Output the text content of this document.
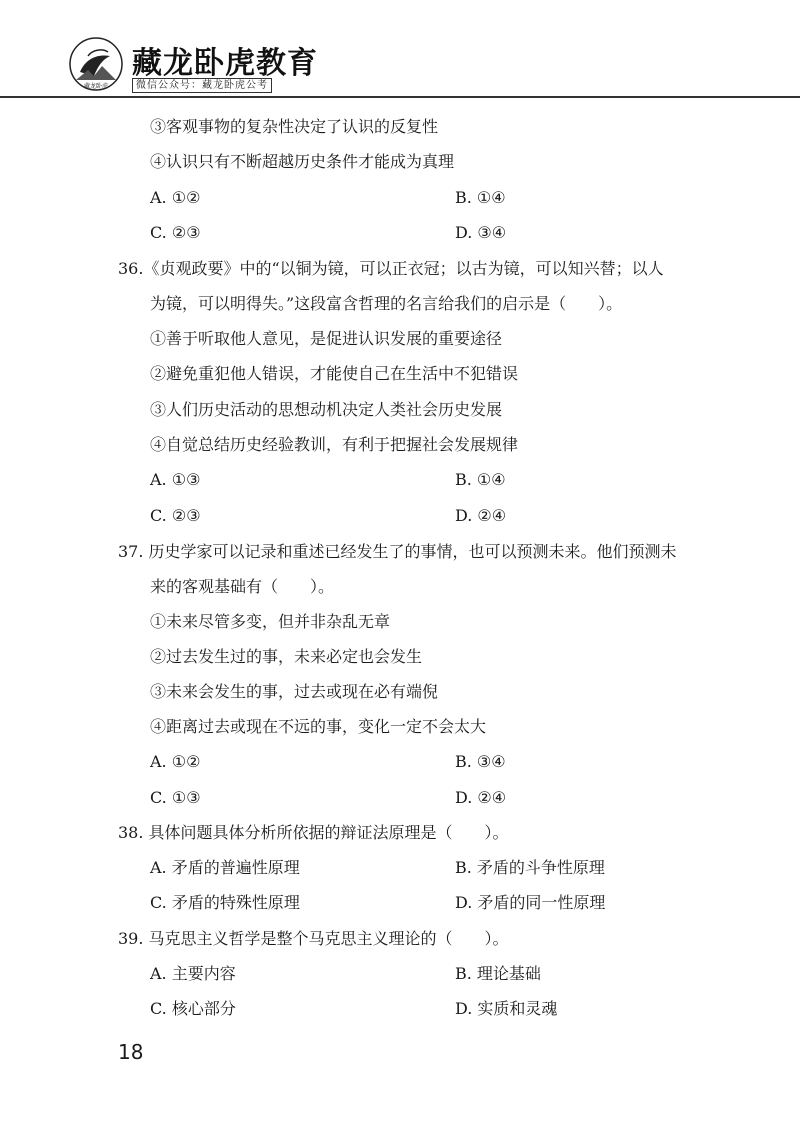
藏龙卧虎
藏龙卧虎教育
微信公众号：藏龙卧虎公考
③客观事物的复杂性决定了认识的反复性
④认识只有不断超越历史条件才能成为真理
A. ①②	B. ①④
C. ②③	D. ③④
36.《贞观政要》中的“以铜为镜，可以正衣冠；以古为镜，可以知兴替；以人
为镜，可以明得失。”这段富含哲理的名言给我们的启示是（　　）。
①善于听取他人意见，是促进认识发展的重要途径
②避免重犯他人错误，才能使自己在生活中不犯错误
③人们历史活动的思想动机决定人类社会历史发展
④自觉总结历史经验教训，有利于把握社会发展规律
A. ①③	B. ①④
C. ②③	D. ②④
37. 历史学家可以记录和重述已经发生了的事情，也可以预测未来。他们预测未
来的客观基础有（　　）。
①未来尽管多变，但并非杂乱无章
②过去发生过的事，未来必定也会发生
③未来会发生的事，过去或现在必有端倪
④距离过去或现在不远的事，变化一定不会太大
A. ①②	B. ③④
C. ①③	D. ②④
38. 具体问题具体分析所依据的辩证法原理是（　　）。
A. 矛盾的普遍性原理	B. 矛盾的斗争性原理
C. 矛盾的特殊性原理	D. 矛盾的同一性原理
39. 马克思主义哲学是整个马克思主义理论的（　　）。
A. 主要内容	B. 理论基础
C. 核心部分	D. 实质和灵魂
18
